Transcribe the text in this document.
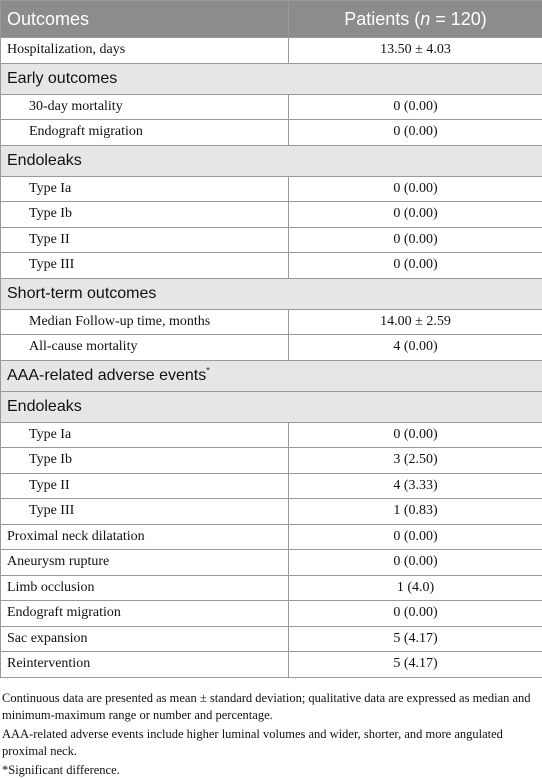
Outcomes	Patients (n = 120)
Hospitalization, days	13.50 ± 4.03
Early outcomes	
30-day mortality	0 (0.00)
Endograft migration	0 (0.00)
Endoleaks	
Type Ia	0 (0.00)
Type Ib	0 (0.00)
Type II	0 (0.00)
Type III	0 (0.00)
Short-term outcomes	
Median Follow-up time, months	14.00 ± 2.59
All-cause mortality	4 (0.00)
AAA-related adverse events*
Endoleaks	
Type Ia	0 (0.00)
Type Ib	3 (2.50)
Type II	4 (3.33)
Type III	1 (0.83)
Proximal neck dilatation	0 (0.00)
Aneurysm rupture	0 (0.00)
Limb occlusion	1 (4.0)
Endograft migration	0 (0.00)
Sac expansion	5 (4.17)
Reintervention	5 (4.17)

Continuous data are presented as mean ± standard deviation; qualitative data are expressed as median and minimum-maximum range or number and percentage.

AAA-related adverse events include higher luminal volumes and wider, shorter, and more angulated proximal neck.

*Significant difference.
